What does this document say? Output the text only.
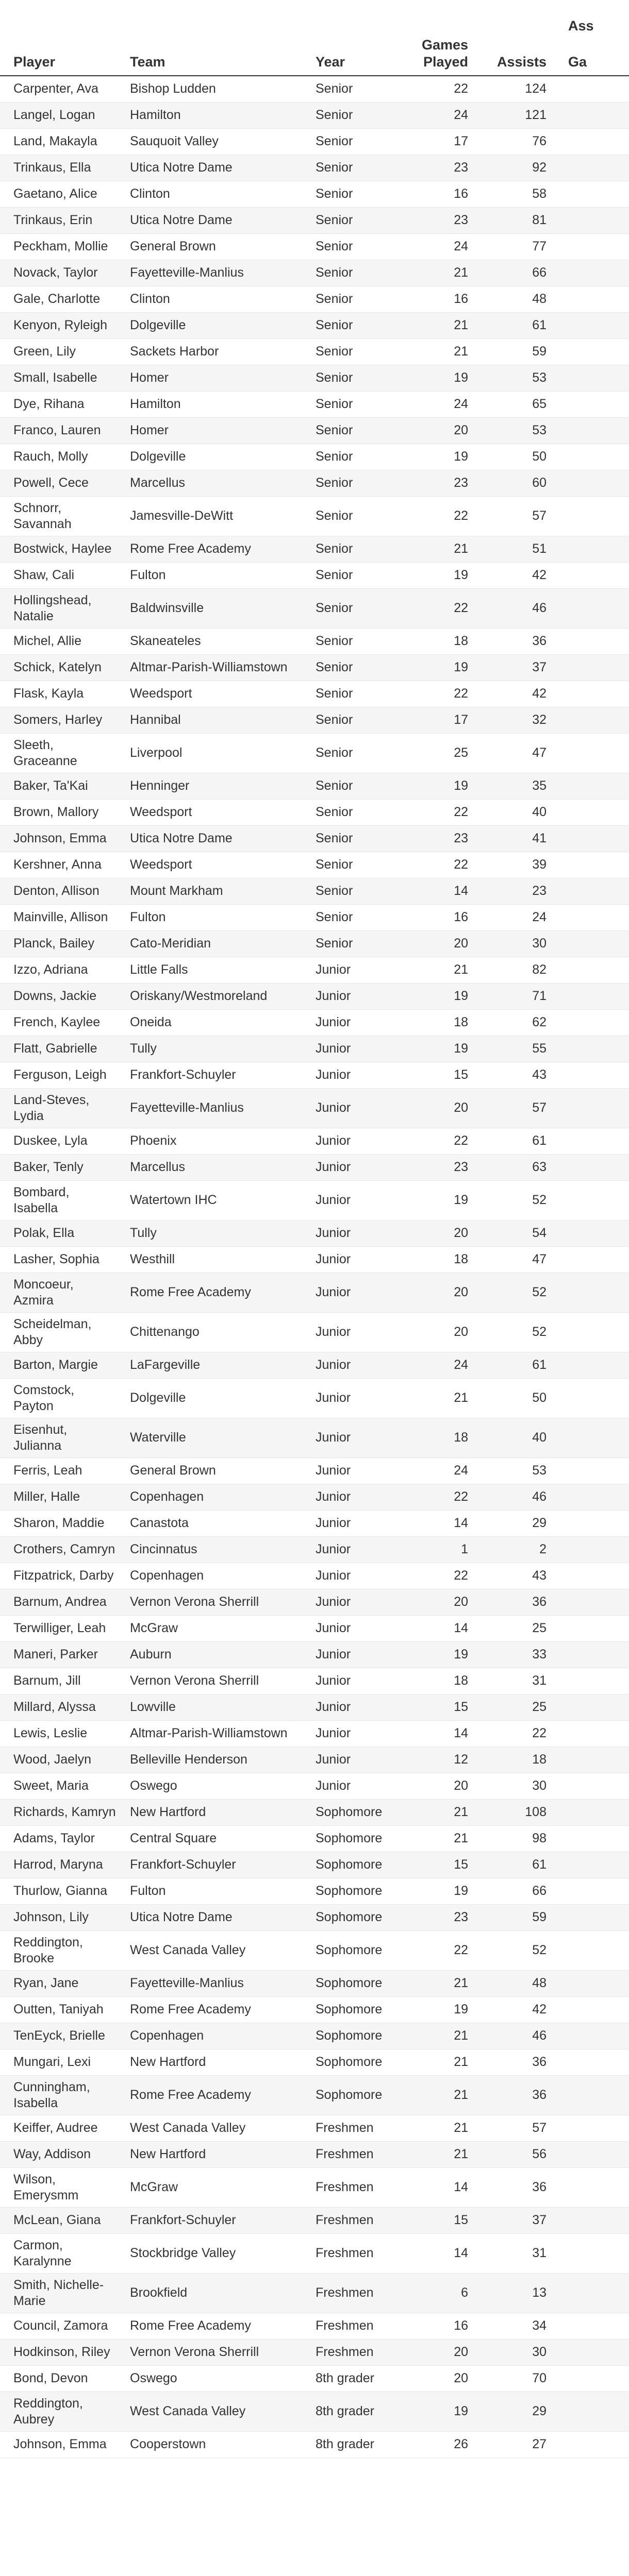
Player	Team	Year	Games Played	Assists	Ass
Ga

Carpenter, Ava	Bishop Ludden	Senior	22	124	
Langel, Logan	Hamilton	Senior	24	121	
Land, Makayla	Sauquoit Valley	Senior	17	76	
Trinkaus, Ella	Utica Notre Dame	Senior	23	92	
Gaetano, Alice	Clinton	Senior	16	58	
Trinkaus, Erin	Utica Notre Dame	Senior	23	81	
Peckham, Mollie	General Brown	Senior	24	77	
Novack, Taylor	Fayetteville-Manlius	Senior	21	66	
Gale, Charlotte	Clinton	Senior	16	48	
Kenyon, Ryleigh	Dolgeville	Senior	21	61	
Green, Lily	Sackets Harbor	Senior	21	59	
Small, Isabelle	Homer	Senior	19	53	
Dye, Rihana	Hamilton	Senior	24	65	
Franco, Lauren	Homer	Senior	20	53	
Rauch, Molly	Dolgeville	Senior	19	50	
Powell, Cece	Marcellus	Senior	23	60	
Schnorr, Savannah	Jamesville-DeWitt	Senior	22	57	
Bostwick, Haylee	Rome Free Academy	Senior	21	51	
Shaw, Cali	Fulton	Senior	19	42	
Hollingshead, Natalie	Baldwinsville	Senior	22	46	
Michel, Allie	Skaneateles	Senior	18	36	
Schick, Katelyn	Altmar-Parish-Williamstown	Senior	19	37	
Flask, Kayla	Weedsport	Senior	22	42	
Somers, Harley	Hannibal	Senior	17	32	
Sleeth, Graceanne	Liverpool	Senior	25	47	
Baker, Ta'Kai	Henninger	Senior	19	35	
Brown, Mallory	Weedsport	Senior	22	40	
Johnson, Emma	Utica Notre Dame	Senior	23	41	
Kershner, Anna	Weedsport	Senior	22	39	
Denton, Allison	Mount Markham	Senior	14	23	
Mainville, Allison	Fulton	Senior	16	24	
Planck, Bailey	Cato-Meridian	Senior	20	30	
Izzo, Adriana	Little Falls	Junior	21	82	
Downs, Jackie	Oriskany/Westmoreland	Junior	19	71	
French, Kaylee	Oneida	Junior	18	62	
Flatt, Gabrielle	Tully	Junior	19	55	
Ferguson, Leigh	Frankfort-Schuyler	Junior	15	43	
Land-Steves, Lydia	Fayetteville-Manlius	Junior	20	57	
Duskee, Lyla	Phoenix	Junior	22	61	
Baker, Tenly	Marcellus	Junior	23	63	
Bombard, Isabella	Watertown IHC	Junior	19	52	
Polak, Ella	Tully	Junior	20	54	
Lasher, Sophia	Westhill	Junior	18	47	
Moncoeur, Azmira	Rome Free Academy	Junior	20	52	
Scheidelman, Abby	Chittenango	Junior	20	52	
Barton, Margie	LaFargeville	Junior	24	61	
Comstock, Payton	Dolgeville	Junior	21	50	
Eisenhut, Julianna	Waterville	Junior	18	40	
Ferris, Leah	General Brown	Junior	24	53	
Miller, Halle	Copenhagen	Junior	22	46	
Sharon, Maddie	Canastota	Junior	14	29	
Crothers, Camryn	Cincinnatus	Junior	1	2	
Fitzpatrick, Darby	Copenhagen	Junior	22	43	
Barnum, Andrea	Vernon Verona Sherrill	Junior	20	36	
Terwilliger, Leah	McGraw	Junior	14	25	
Maneri, Parker	Auburn	Junior	19	33	
Barnum, Jill	Vernon Verona Sherrill	Junior	18	31	
Millard, Alyssa	Lowville	Junior	15	25	
Lewis, Leslie	Altmar-Parish-Williamstown	Junior	14	22	
Wood, Jaelyn	Belleville Henderson	Junior	12	18	
Sweet, Maria	Oswego	Junior	20	30	
Richards, Kamryn	New Hartford	Sophomore	21	108	
Adams, Taylor	Central Square	Sophomore	21	98	
Harrod, Maryna	Frankfort-Schuyler	Sophomore	15	61	
Thurlow, Gianna	Fulton	Sophomore	19	66	
Johnson, Lily	Utica Notre Dame	Sophomore	23	59	
Reddington, Brooke	West Canada Valley	Sophomore	22	52	
Ryan, Jane	Fayetteville-Manlius	Sophomore	21	48	
Outten, Taniyah	Rome Free Academy	Sophomore	19	42	
TenEyck, Brielle	Copenhagen	Sophomore	21	46	
Mungari, Lexi	New Hartford	Sophomore	21	36	
Cunningham, Isabella	Rome Free Academy	Sophomore	21	36	
Keiffer, Audree	West Canada Valley	Freshmen	21	57	
Way, Addison	New Hartford	Freshmen	21	56	
Wilson, Emerysmm	McGraw	Freshmen	14	36	
McLean, Giana	Frankfort-Schuyler	Freshmen	15	37	
Carmon, Karalynne	Stockbridge Valley	Freshmen	14	31	
Smith, Nichelle-Marie	Brookfield	Freshmen	6	13	
Council, Zamora	Rome Free Academy	Freshmen	16	34	
Hodkinson, Riley	Vernon Verona Sherrill	Freshmen	20	30	
Bond, Devon	Oswego	8th grader	20	70	
Reddington, Aubrey	West Canada Valley	8th grader	19	29	
Johnson, Emma	Cooperstown	8th grader	26	27	
